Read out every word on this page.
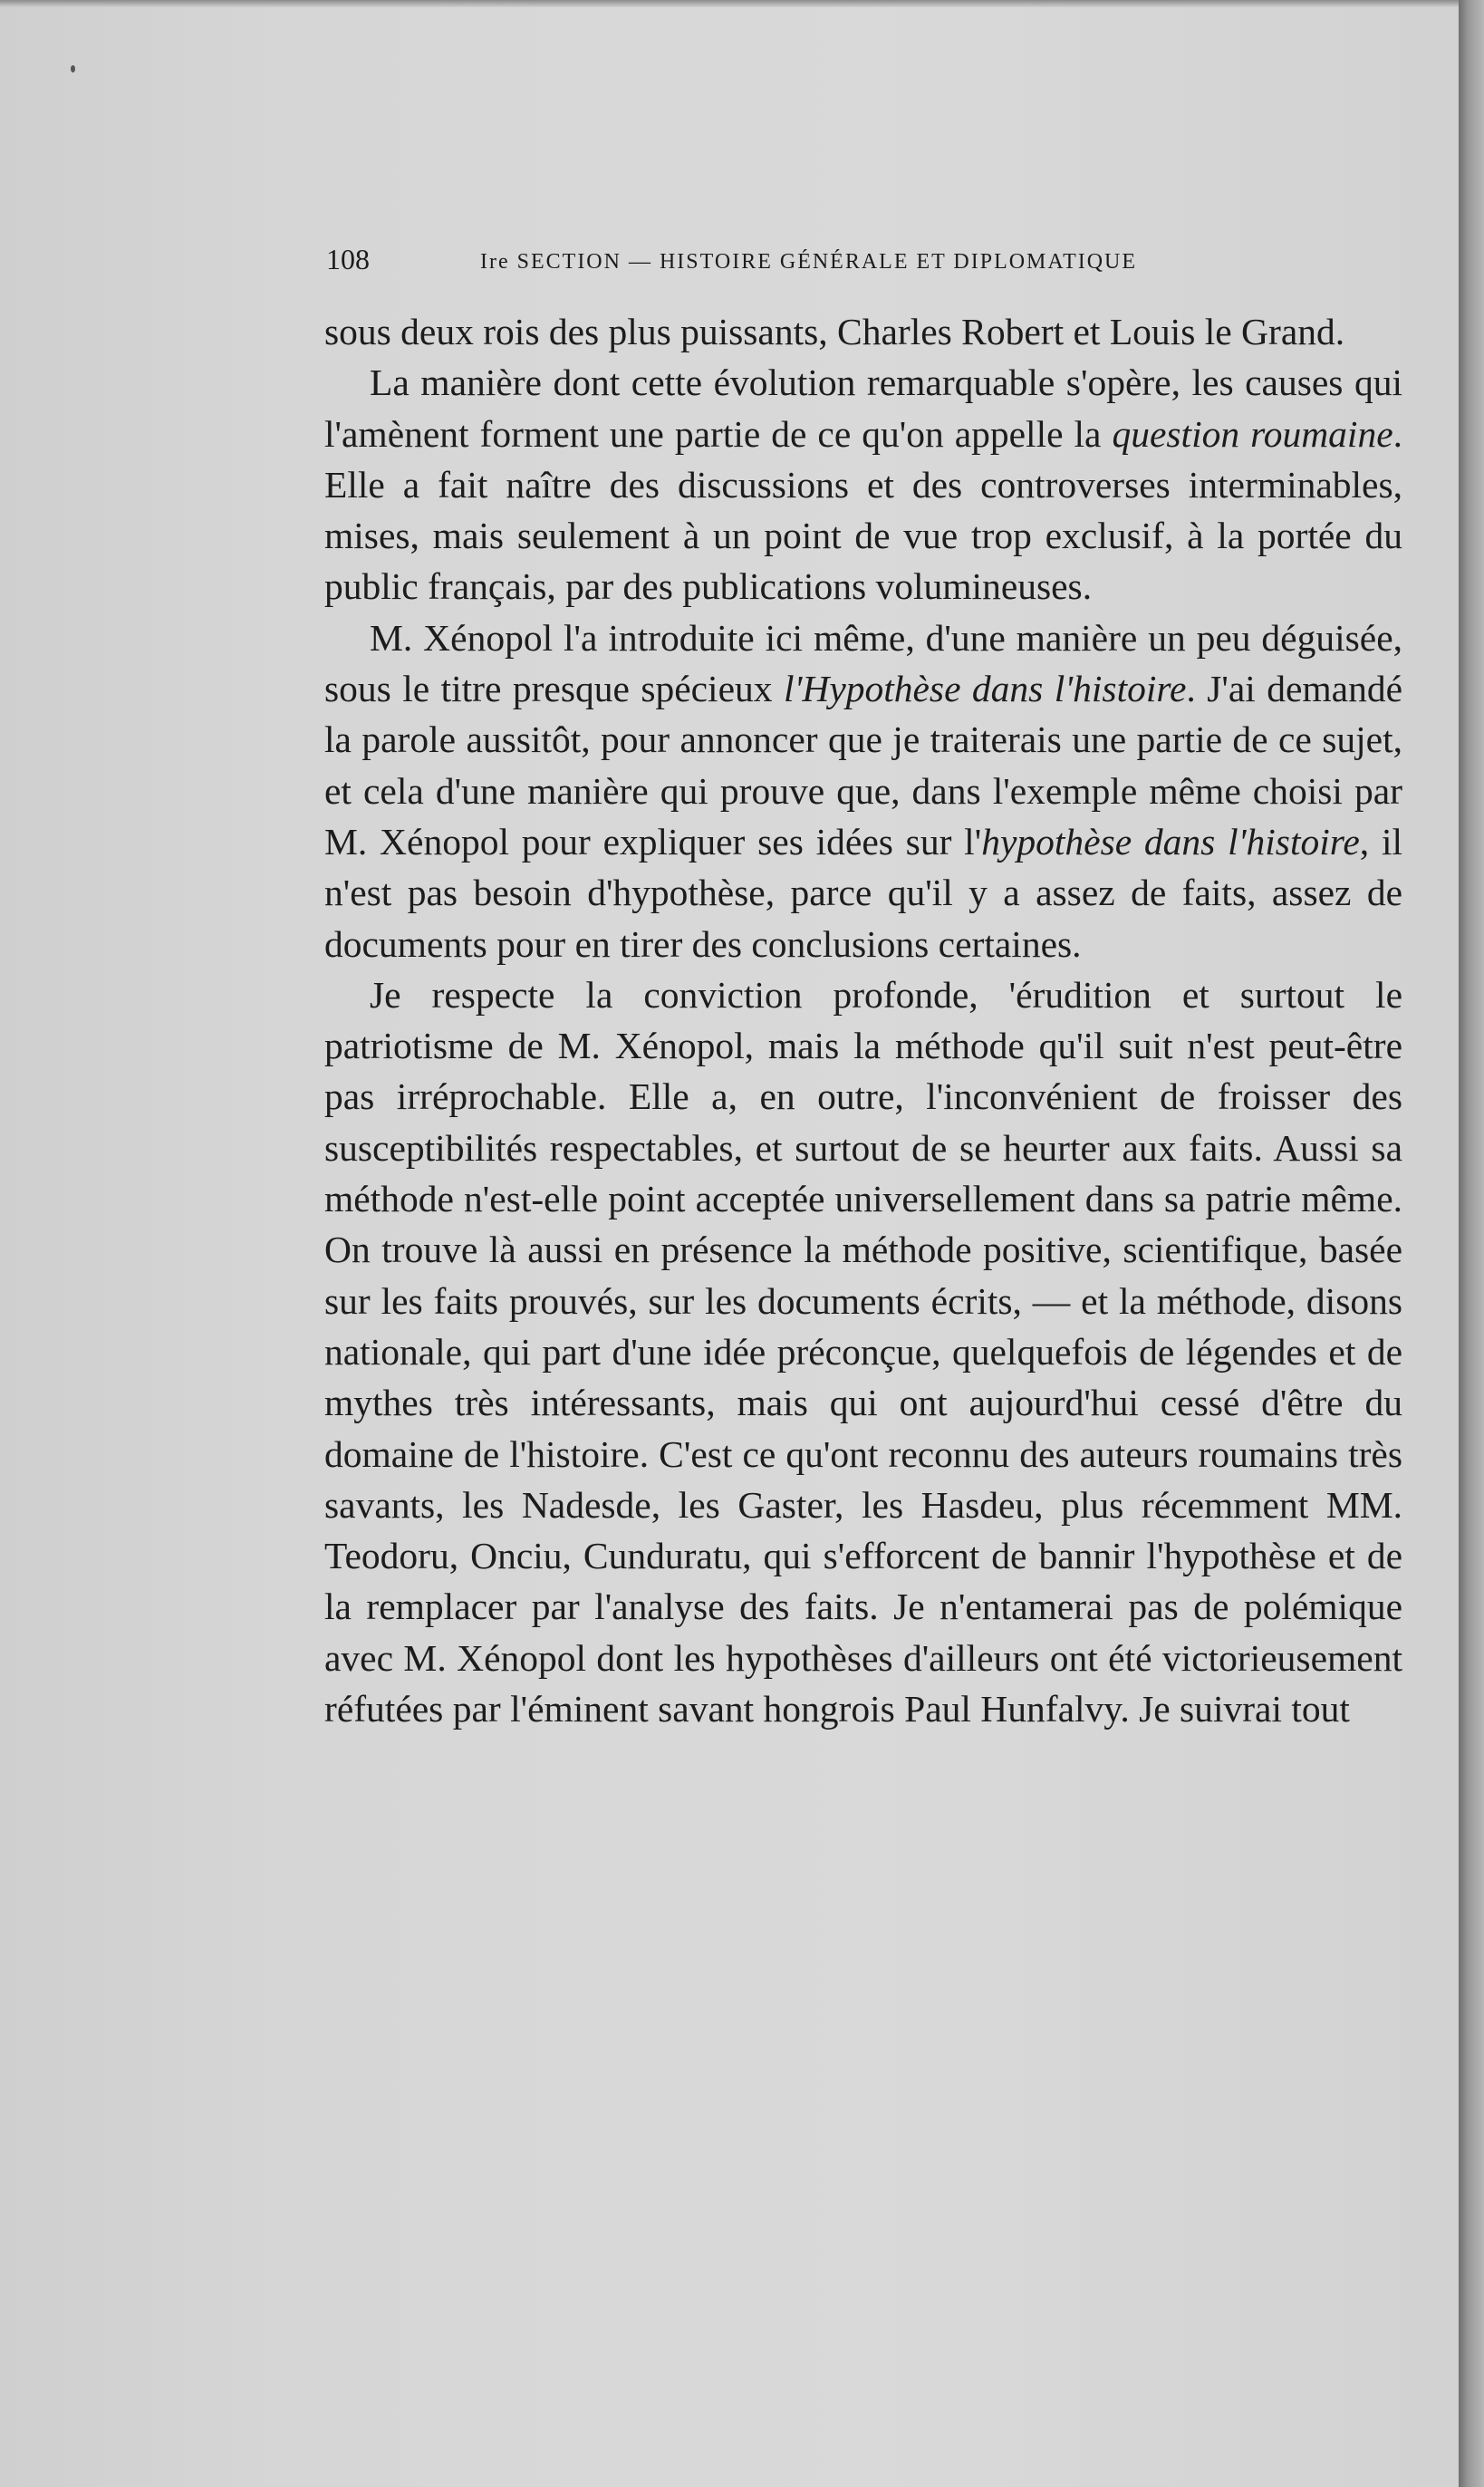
108	Ire SECTION — HISTOIRE GÉNÉRALE ET DIPLOMATIQUE

sous deux rois des plus puissants, Charles Robert et Louis le Grand.

La manière dont cette évolution remarquable s'opère, les causes qui l'amènent forment une partie de ce qu'on appelle la question roumaine. Elle a fait naître des discussions et des controverses interminables, mises, mais seulement à un point de vue trop exclusif, à la portée du public français, par des publications volumineuses.

M. Xénopol l'a introduite ici même, d'une manière un peu déguisée, sous le titre presque spécieux l'Hypothèse dans l'histoire. J'ai demandé la parole aussitôt, pour annoncer que je traiterais une partie de ce sujet, et cela d'une manière qui prouve que, dans l'exemple même choisi par M. Xénopol pour expliquer ses idées sur l'hypothèse dans l'histoire, il n'est pas besoin d'hypothèse, parce qu'il y a assez de faits, assez de documents pour en tirer des conclusions certaines.

Je respecte la conviction profonde, 'érudition et surtout le patriotisme de M. Xénopol, mais la méthode qu'il suit n'est peut-être pas irréprochable. Elle a, en outre, l'inconvénient de froisser des susceptibilités respectables, et surtout de se heurter aux faits. Aussi sa méthode n'est-elle point acceptée universellement dans sa patrie même. On trouve là aussi en présence la méthode positive, scientifique, basée sur les faits prouvés, sur les documents écrits, — et la méthode, disons nationale, qui part d'une idée préconçue, quelquefois de légendes et de mythes très intéressants, mais qui ont aujourd'hui cessé d'être du domaine de l'histoire. C'est ce qu'ont reconnu des auteurs roumains très savants, les Nadesde, les Gaster, les Hasdeu, plus récemment MM. Teodoru, Onciu, Cunduratu, qui s'efforcent de bannir l'hypothèse et de la remplacer par l'analyse des faits. Je n'entamerai pas de polémique avec M. Xénopol dont les hypothèses d'ailleurs ont été victorieusement réfutées par l'éminent savant hongrois Paul Hunfalvy. Je suivrai tout
